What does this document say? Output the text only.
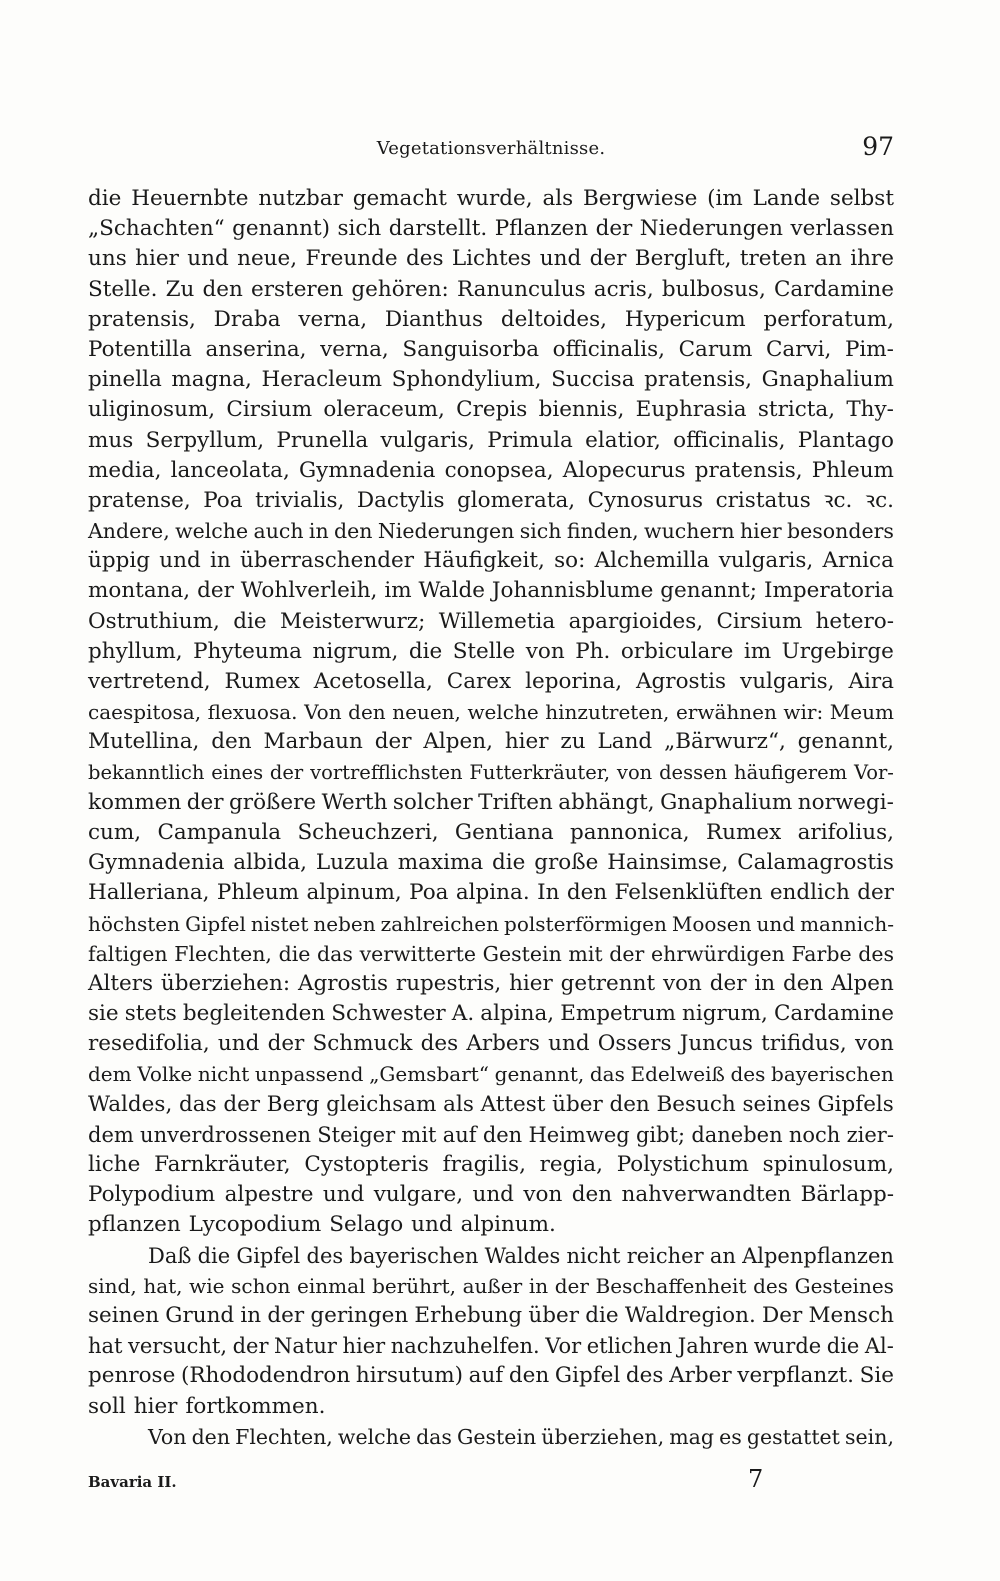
Vegetationsverhältnisse.	97
die Heuernbte nutzbar gemacht wurde, als Bergwiese (im Lande selbst
„Schachten“ genannt) sich darstellt. Pflanzen der Niederungen verlassen
uns hier und neue, Freunde des Lichtes und der Bergluft, treten an ihre
Stelle. Zu den ersteren gehören: Ranunculus acris, bulbosus, Cardamine
pratensis, Draba verna, Dianthus deltoides, Hypericum perforatum,
Potentilla anserina, verna, Sanguisorba officinalis, Carum Carvi, Pim-
pinella magna, Heracleum Sphondylium, Succisa pratensis, Gnaphalium
uliginosum, Cirsium oleraceum, Crepis biennis, Euphrasia stricta, Thy-
mus Serpyllum, Prunella vulgaris, Primula elatior, officinalis, Plantago
media, lanceolata, Gymnadenia conopsea, Alopecurus pratensis, Phleum
pratense, Poa trivialis, Dactylis glomerata, Cynosurus cristatus ꝛc. ꝛc.
Andere, welche auch in den Niederungen sich finden, wuchern hier besonders
üppig und in überraschender Häufigkeit, so: Alchemilla vulgaris, Arnica
montana, der Wohlverleih, im Walde Johannisblume genannt; Imperatoria
Ostruthium, die Meisterwurz; Willemetia apargioides, Cirsium hetero-
phyllum, Phyteuma nigrum, die Stelle von Ph. orbiculare im Urgebirge
vertretend, Rumex Acetosella, Carex leporina, Agrostis vulgaris, Aira
caespitosa, flexuosa. Von den neuen, welche hinzutreten, erwähnen wir: Meum
Mutellina, den Marbaun der Alpen, hier zu Land „Bärwurz“, genannt,
bekanntlich eines der vortrefflichsten Futterkräuter, von dessen häufigerem Vor-
kommen der größere Werth solcher Triften abhängt, Gnaphalium norwegi-
cum, Campanula Scheuchzeri, Gentiana pannonica, Rumex arifolius,
Gymnadenia albida, Luzula maxima die große Hainsimse, Calamagrostis
Halleriana, Phleum alpinum, Poa alpina. In den Felsenklüften endlich der
höchsten Gipfel nistet neben zahlreichen polsterförmigen Moosen und mannich-
faltigen Flechten, die das verwitterte Gestein mit der ehrwürdigen Farbe des
Alters überziehen: Agrostis rupestris, hier getrennt von der in den Alpen
sie stets begleitenden Schwester A. alpina, Empetrum nigrum, Cardamine
resedifolia, und der Schmuck des Arbers und Ossers Juncus trifidus, von
dem Volke nicht unpassend „Gemsbart“ genannt, das Edelweiß des bayerischen
Waldes, das der Berg gleichsam als Attest über den Besuch seines Gipfels
dem unverdrossenen Steiger mit auf den Heimweg gibt; daneben noch zier-
liche Farnkräuter, Cystopteris fragilis, regia, Polystichum spinulosum,
Polypodium alpestre und vulgare, und von den nahverwandten Bärlapp-
pflanzen Lycopodium Selago und alpinum.
Daß die Gipfel des bayerischen Waldes nicht reicher an Alpenpflanzen
sind, hat, wie schon einmal berührt, außer in der Beschaffenheit des Gesteines
seinen Grund in der geringen Erhebung über die Waldregion. Der Mensch
hat versucht, der Natur hier nachzuhelfen. Vor etlichen Jahren wurde die Al-
penrose (Rhododendron hirsutum) auf den Gipfel des Arber verpflanzt. Sie
soll hier fortkommen.
Von den Flechten, welche das Gestein überziehen, mag es gestattet sein,
Bavaria II.	7
